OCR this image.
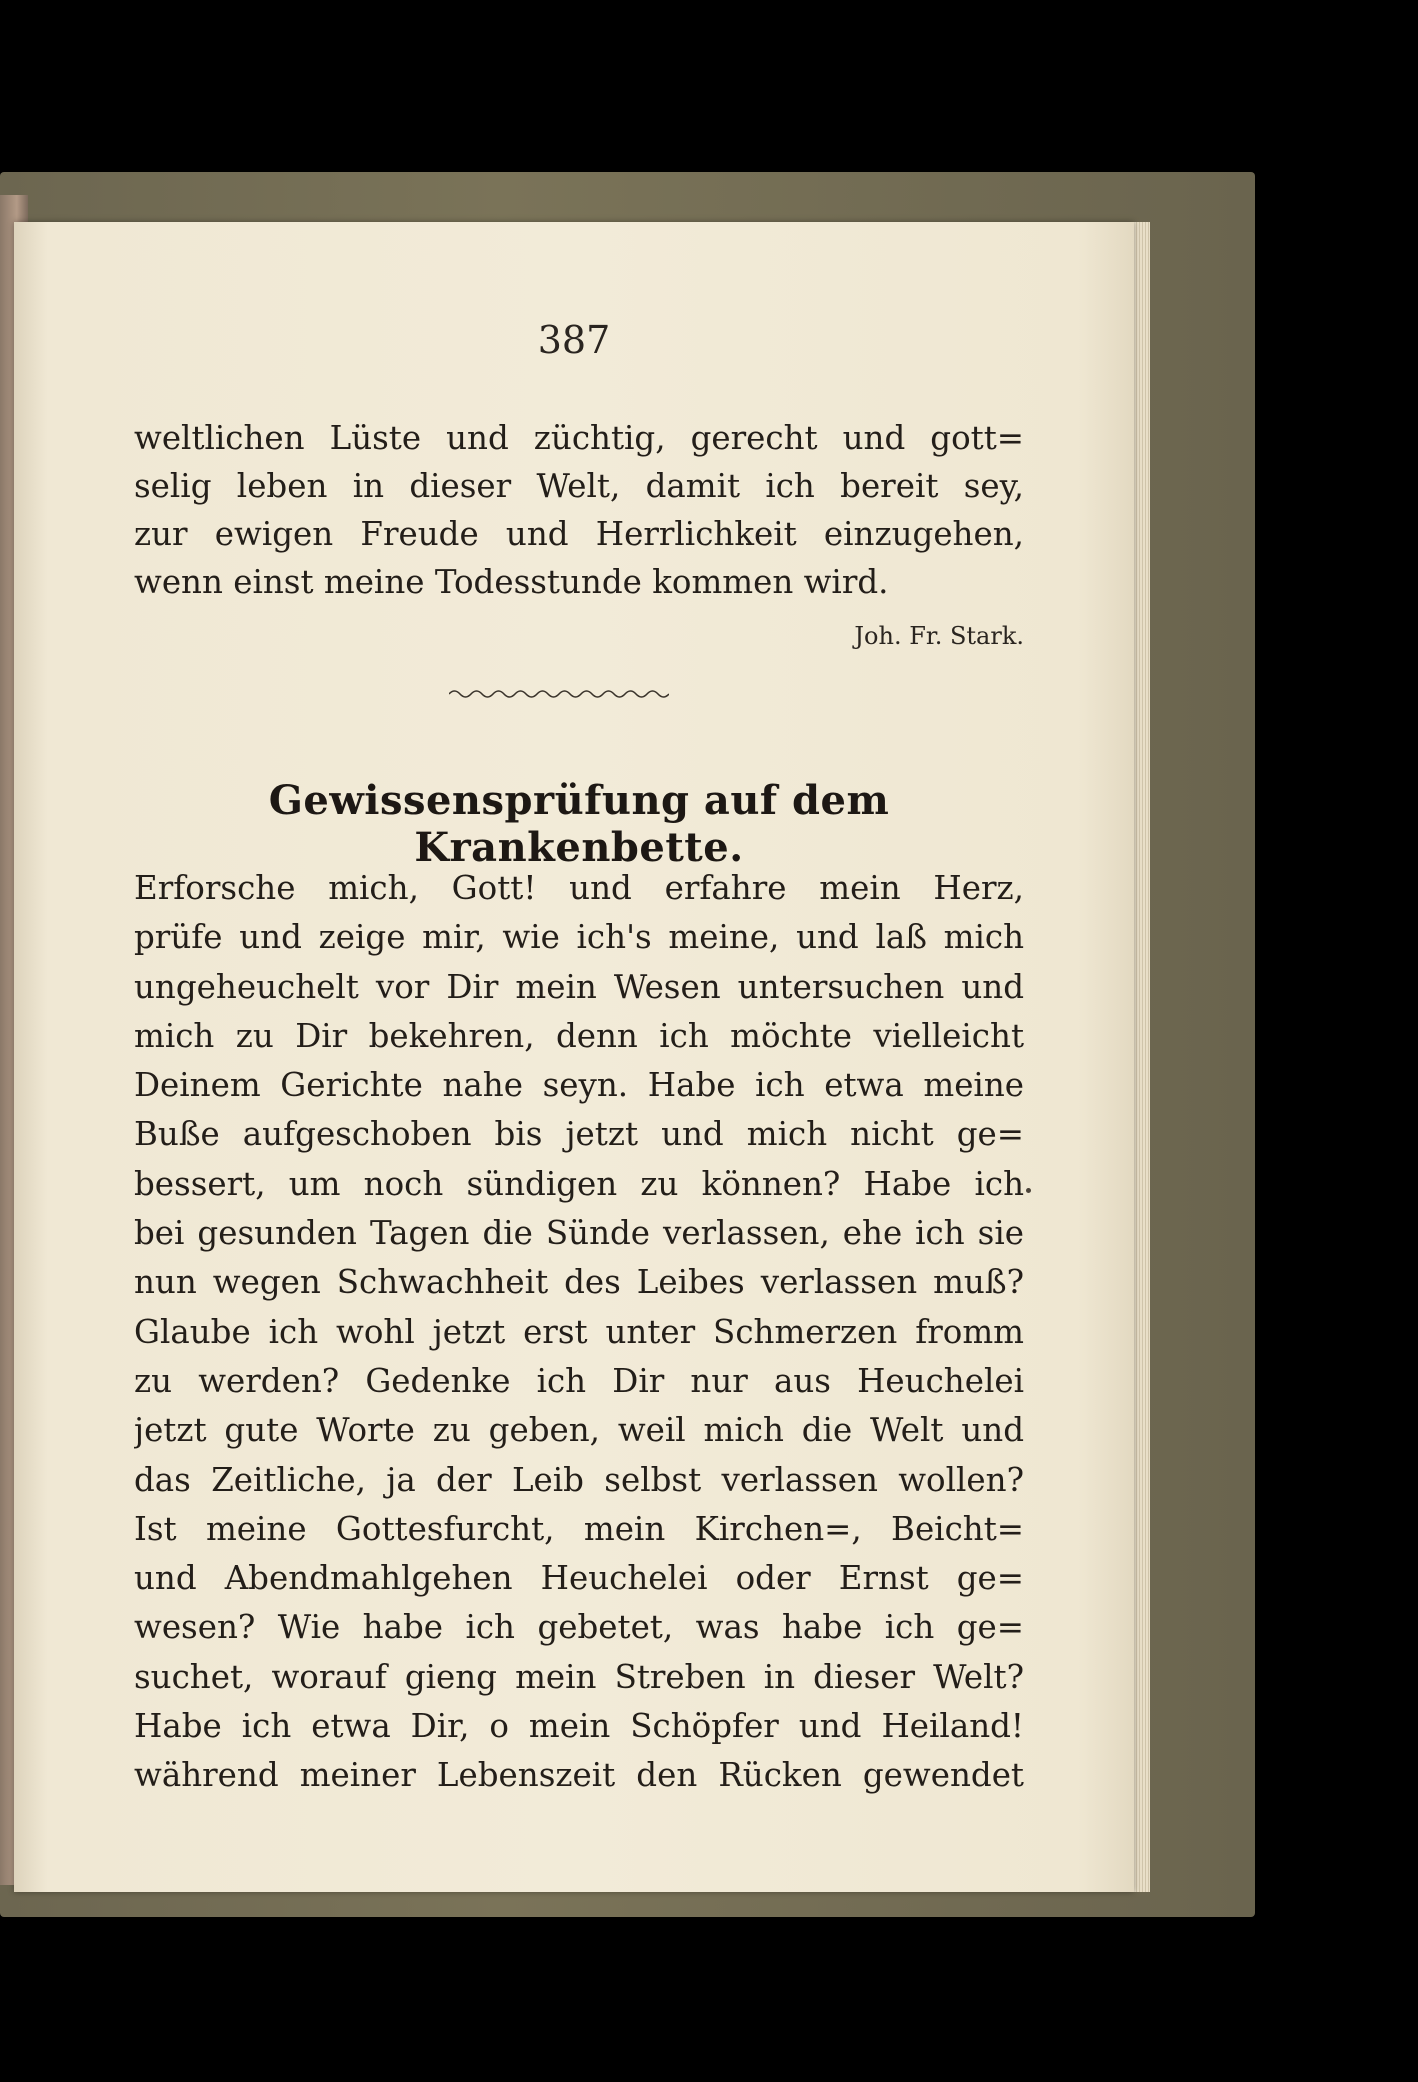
387
weltlichen Lüste und züchtig, gerecht und gott=
selig leben in dieser Welt, damit ich bereit sey,
zur ewigen Freude und Herrlichkeit einzugehen,
wenn einst meine Todesstunde kommen wird.
Joh. Fr. Stark.
Gewissensprüfung auf dem Krankenbette.
Erforsche mich, Gott! und erfahre mein Herz,
prüfe und zeige mir, wie ich's meine, und laß mich
ungeheuchelt vor Dir mein Wesen untersuchen und
mich zu Dir bekehren, denn ich möchte vielleicht
Deinem Gerichte nahe seyn. Habe ich etwa meine
Buße aufgeschoben bis jetzt und mich nicht ge=
bessert, um noch sündigen zu können? Habe ich
bei gesunden Tagen die Sünde verlassen, ehe ich sie
nun wegen Schwachheit des Leibes verlassen muß?
Glaube ich wohl jetzt erst unter Schmerzen fromm
zu werden? Gedenke ich Dir nur aus Heuchelei
jetzt gute Worte zu geben, weil mich die Welt und
das Zeitliche, ja der Leib selbst verlassen wollen?
Ist meine Gottesfurcht, mein Kirchen=, Beicht=
und Abendmahlgehen Heuchelei oder Ernst ge=
wesen? Wie habe ich gebetet, was habe ich ge=
suchet, worauf gieng mein Streben in dieser Welt?
Habe ich etwa Dir, o mein Schöpfer und Heiland!
während meiner Lebenszeit den Rücken gewendet
